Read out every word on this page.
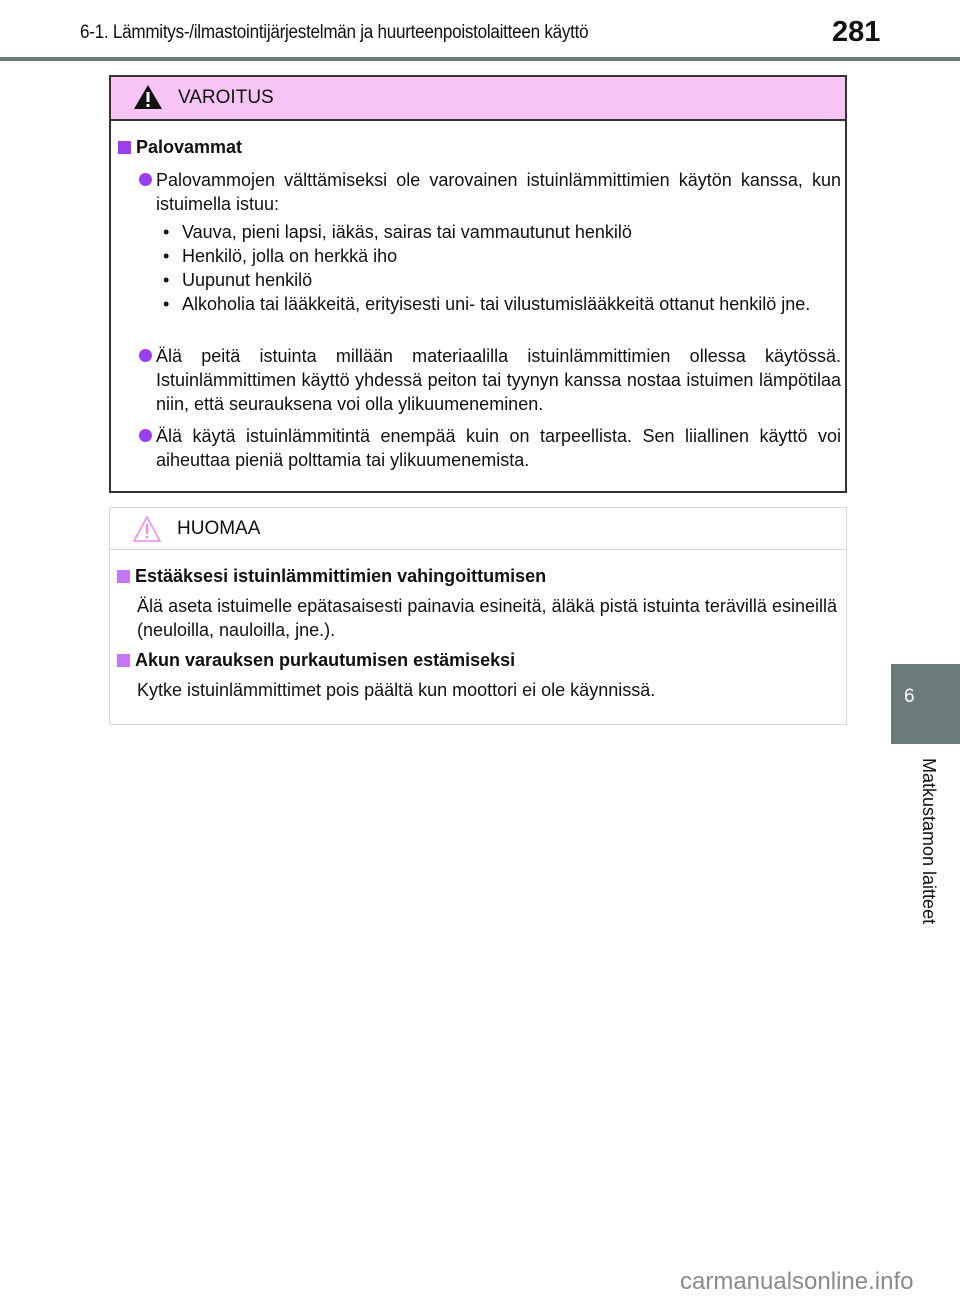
6-1. Lämmitys-/ilmastointijärjestelmän ja huurteenpoistolaitteen käyttö	281
VAROITUS
Palovammat
Palovammojen välttämiseksi ole varovainen istuinlämmittimien käytön kanssa, kun istuimella istuu:
• Vauva, pieni lapsi, iäkäs, sairas tai vammautunut henkilö
• Henkilö, jolla on herkkä iho
• Uupunut henkilö
• Alkoholia tai lääkkeitä, erityisesti uni- tai vilustumislääkkeitä ottanut henkilö jne.
Älä peitä istuinta millään materiaalilla istuinlämmittimien ollessa käytössä. Istuinlämmittimen käyttö yhdessä peiton tai tyynyn kanssa nostaa istuimen lämpötilaa niin, että seurauksena voi olla ylikuumeneminen.
Älä käytä istuinlämmitintä enempää kuin on tarpeellista. Sen liiallinen käyttö voi aiheuttaa pieniä polttamia tai ylikuumenemista.
HUOMAA
Estääksesi istuinlämmittimien vahingoittumisen
Älä aseta istuimelle epätasaisesti painavia esineitä, äläkä pistä istuinta terävillä esineillä (neuloilla, nauloilla, jne.).
Akun varauksen purkautumisen estämiseksi
Kytke istuinlämmittimet pois päältä kun moottori ei ole käynnissä.	6
Matkustamon laitteet
carmanualsonline.info
